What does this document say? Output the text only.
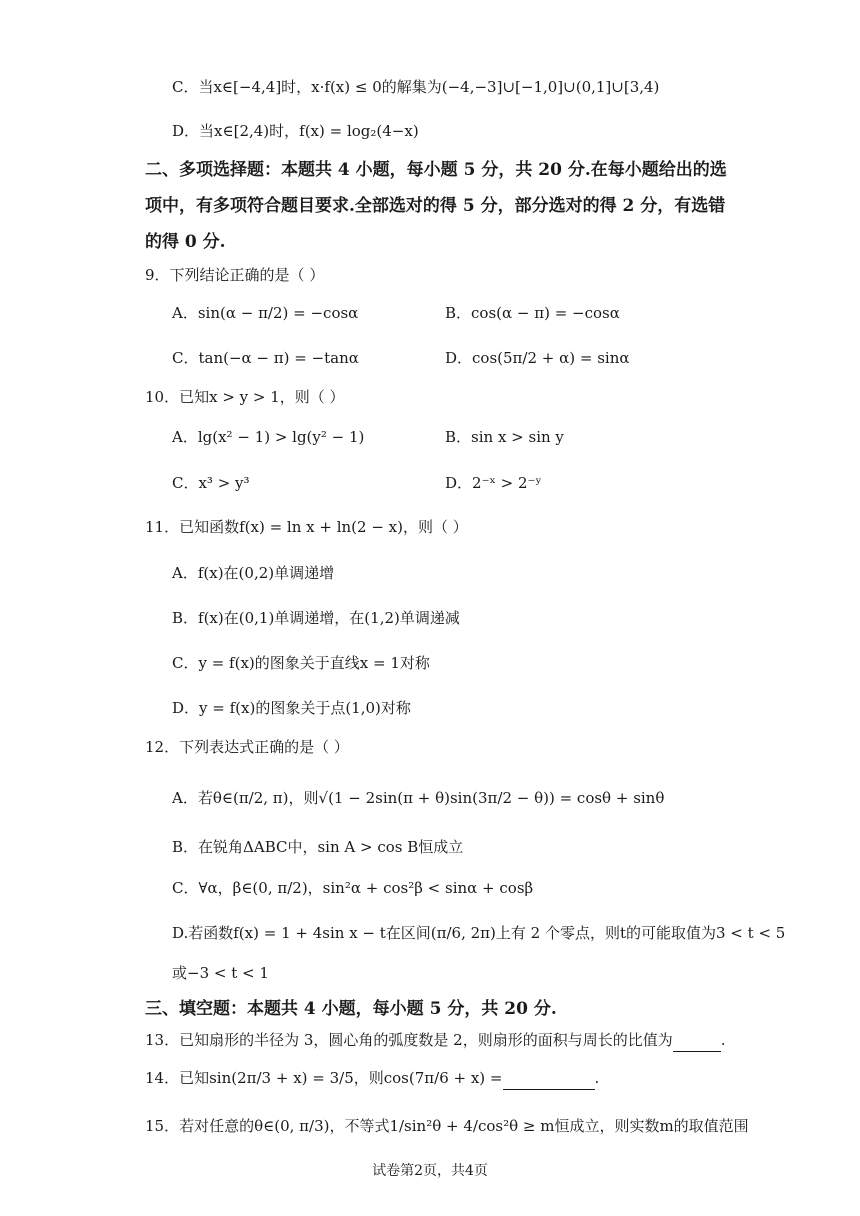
C．当x∈[−4,4]时，x·f(x) ≤ 0的解集为(−4,−3]∪[−1,0]∪(0,1]∪[3,4)
D．当x∈[2,4)时，f(x) = log₂(4−x)
二、多项选择题：本题共 4 小题，每小题 5 分，共 20 分.在每小题给出的选
项中，有多项符合题目要求.全部选对的得 5 分，部分选对的得 2 分，有选错
的得 0 分.
9．下列结论正确的是（ ）
A．sin(α − π/2) = −cosα	B．cos(α − π) = −cosα
C．tan(−α − π) = −tanα	D．cos(5π/2 + α) = sinα
10．已知x > y > 1，则（ ）
A．lg(x² − 1) > lg(y² − 1)	B．sin x > sin y
C．x³ > y³	D．2⁻ˣ > 2⁻ʸ
11．已知函数f(x) = ln x + ln(2 − x)，则（ ）
A．f(x)在(0,2)单调递增
B．f(x)在(0,1)单调递增，在(1,2)单调递减
C．y = f(x)的图象关于直线x = 1对称
D．y = f(x)的图象关于点(1,0)对称
12．下列表达式正确的是（ ）
A．若θ∈(π/2, π)，则√(1 − 2sin(π + θ)sin(3π/2 − θ)) = cosθ + sinθ
B．在锐角ΔABC中，sin A > cos B恒成立
C．∀α，β∈(0, π/2)，sin²α + cos²β < sinα + cosβ
D.若函数f(x) = 1 + 4sin x − t在区间(π/6, 2π)上有 2 个零点，则t的可能取值为3 < t < 5
或−3 < t < 1
三、填空题：本题共 4 小题，每小题 5 分，共 20 分.
13．已知扇形的半径为 3，圆心角的弧度数是 2，则扇形的面积与周长的比值为	.
14．已知sin(2π/3 + x) = 3/5，则cos(7π/6 + x) =	.
15．若对任意的θ∈(0, π/3)，不等式1/sin²θ + 4/cos²θ ≥ m恒成立，则实数m的取值范围
试卷第2页，共4页
